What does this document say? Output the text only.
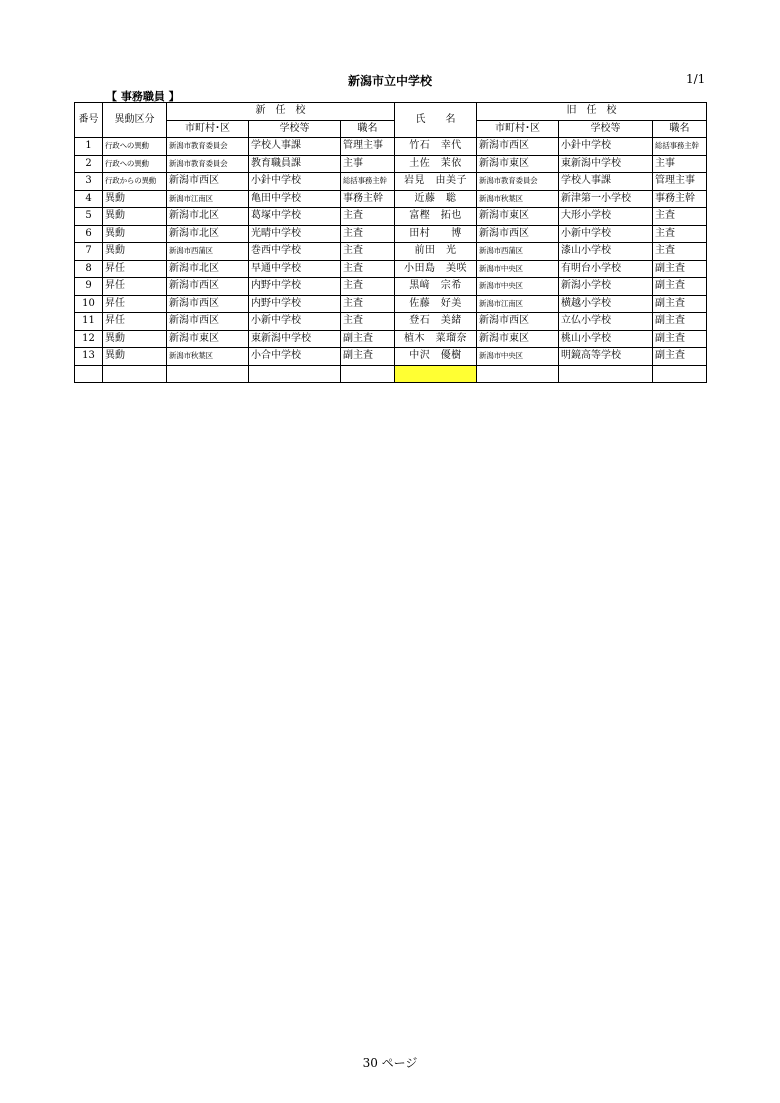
新潟市立中学校	1/1
【 事務職員 】
番号	異動区分	新　任　校			氏　　名	旧　任　校		
		市町村･区	学校等	職名		市町村･区	学校等	職名
1	行政への異動	新潟市教育委員会	学校人事課	管理主事	竹石　幸代	新潟市西区	小針中学校	総括事務主幹
2	行政への異動	新潟市教育委員会	教育職員課	主事	土佐　茉依	新潟市東区	東新潟中学校	主事
3	行政からの異動	新潟市西区	小針中学校	総括事務主幹	岩見　由美子	新潟市教育委員会	学校人事課	管理主事
4	異動	新潟市江南区	亀田中学校	事務主幹	近藤　聡	新潟市秋葉区	新津第一小学校	事務主幹
5	異動	新潟市北区	葛塚中学校	主査	富樫　拓也	新潟市東区	大形小学校	主査
6	異動	新潟市北区	光晴中学校	主査	田村　　博	新潟市西区	小新中学校	主査
7	異動	新潟市西蒲区	巻西中学校	主査	前田　光	新潟市西蒲区	漆山小学校	主査
8	昇任	新潟市北区	早通中学校	主査	小田島　美咲	新潟市中央区	有明台小学校	副主査
9	昇任	新潟市西区	内野中学校	主査	黒﨑　宗希	新潟市中央区	新潟小学校	副主査
10	昇任	新潟市西区	内野中学校	主査	佐藤　好美	新潟市江南区	横越小学校	副主査
11	昇任	新潟市西区	小新中学校	主査	登石　美緒	新潟市西区	立仏小学校	副主査
12	異動	新潟市東区	東新潟中学校	副主査	植木　菜瑠奈	新潟市東区	桃山小学校	副主査
13	異動	新潟市秋葉区	小合中学校	副主査	中沢　優樹	新潟市中央区	明鏡高等学校	副主査

30 ページ
